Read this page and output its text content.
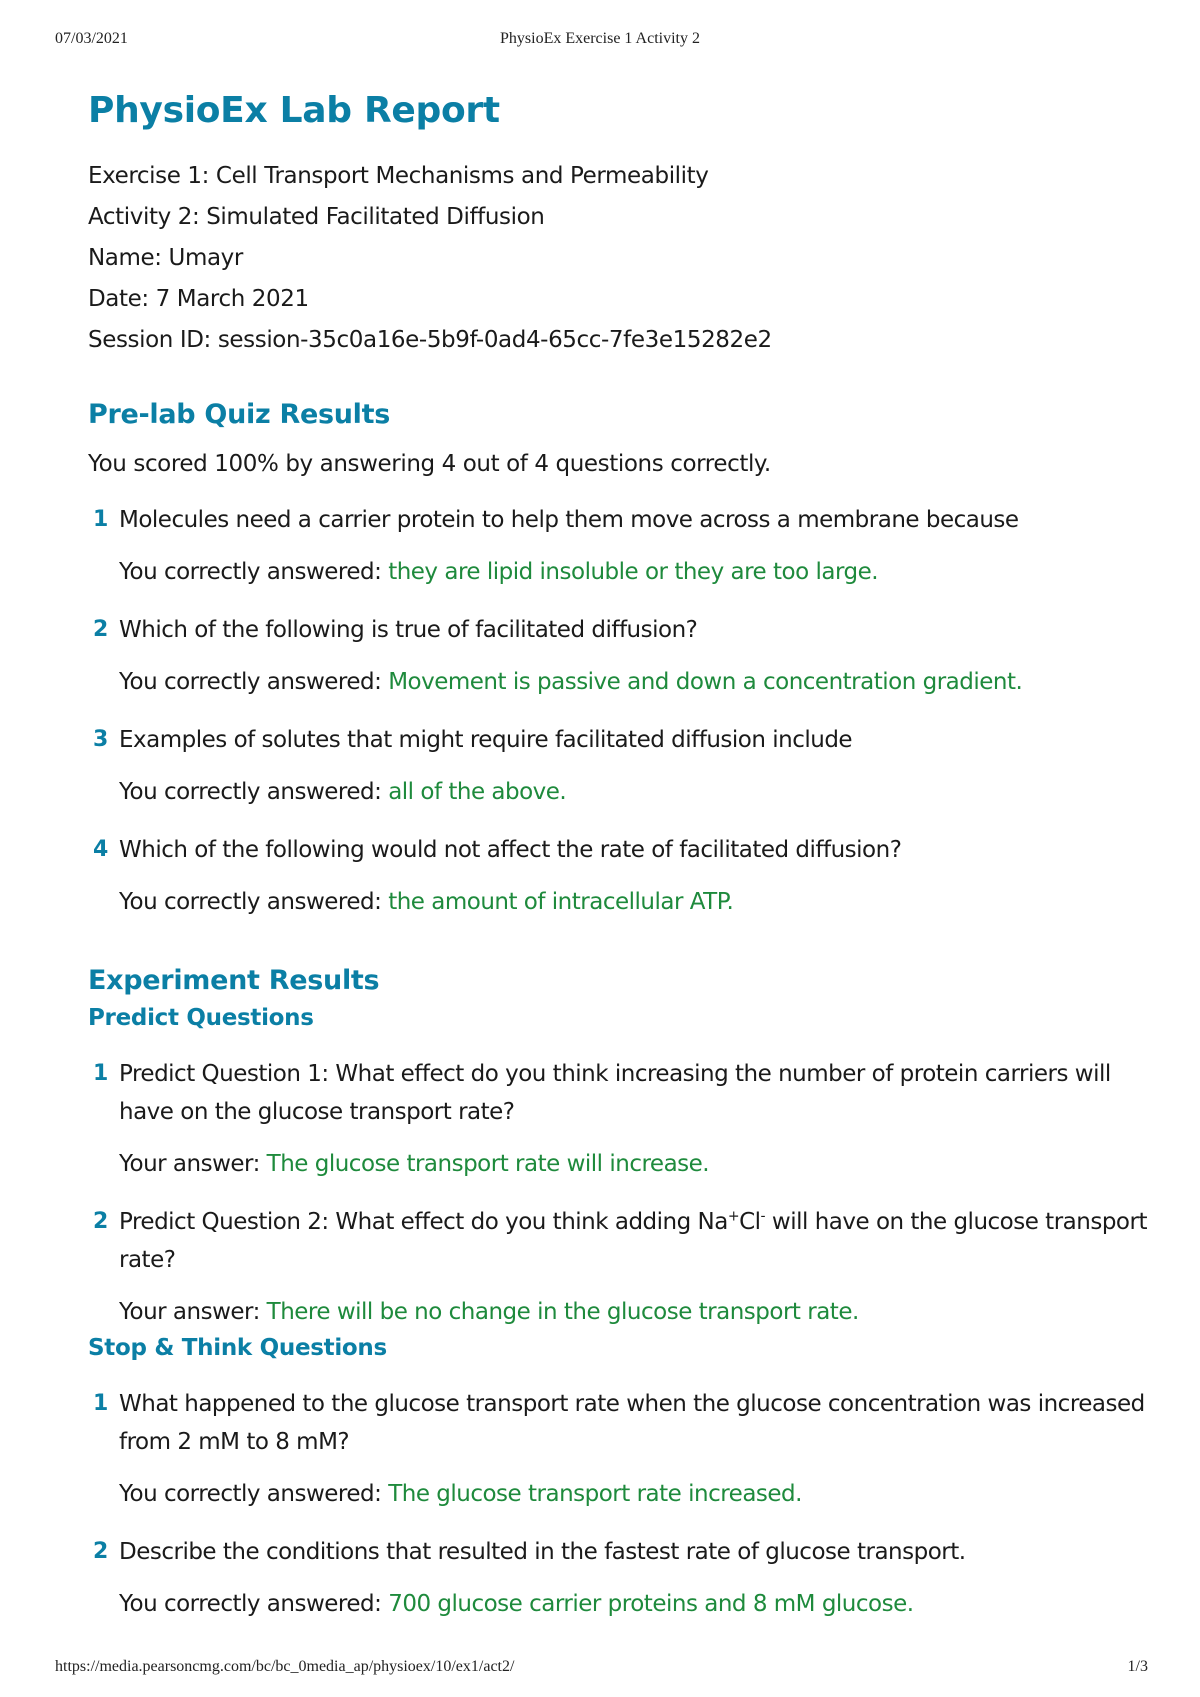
PhysioEx Exercise 1 Activity 2
07/03/2021
PhysioEx Lab Report
Exercise 1: Cell Transport Mechanisms and Permeability
Activity 2: Simulated Facilitated Diffusion
Name: Umayr
Date: 7 March 2021
Session ID: session-35c0a16e-5b9f-0ad4-65cc-7fe3e15282e2
Pre-lab Quiz Results
You scored 100% by answering 4 out of 4 questions correctly.
1 Molecules need a carrier protein to help them move across a membrane because
You correctly answered: they are lipid insoluble or they are too large.
2 Which of the following is true of facilitated diffusion?
You correctly answered: Movement is passive and down a concentration gradient.
3 Examples of solutes that might require facilitated diffusion include
You correctly answered: all of the above.
4 Which of the following would not affect the rate of facilitated diffusion?
You correctly answered: the amount of intracellular ATP.
Experiment Results
Predict Questions
1 Predict Question 1: What effect do you think increasing the number of protein carriers will have on the glucose transport rate?
Your answer: The glucose transport rate will increase.
2 Predict Question 2: What effect do you think adding Na+Cl- will have on the glucose transport rate?
Your answer: There will be no change in the glucose transport rate.
Stop & Think Questions
1 What happened to the glucose transport rate when the glucose concentration was increased from 2 mM to 8 mM?
You correctly answered: The glucose transport rate increased.
2 Describe the conditions that resulted in the fastest rate of glucose transport.
You correctly answered: 700 glucose carrier proteins and 8 mM glucose.
https://media.pearsoncmg.com/bc/bc_0media_ap/physioex/10/ex1/act2/	1/3
